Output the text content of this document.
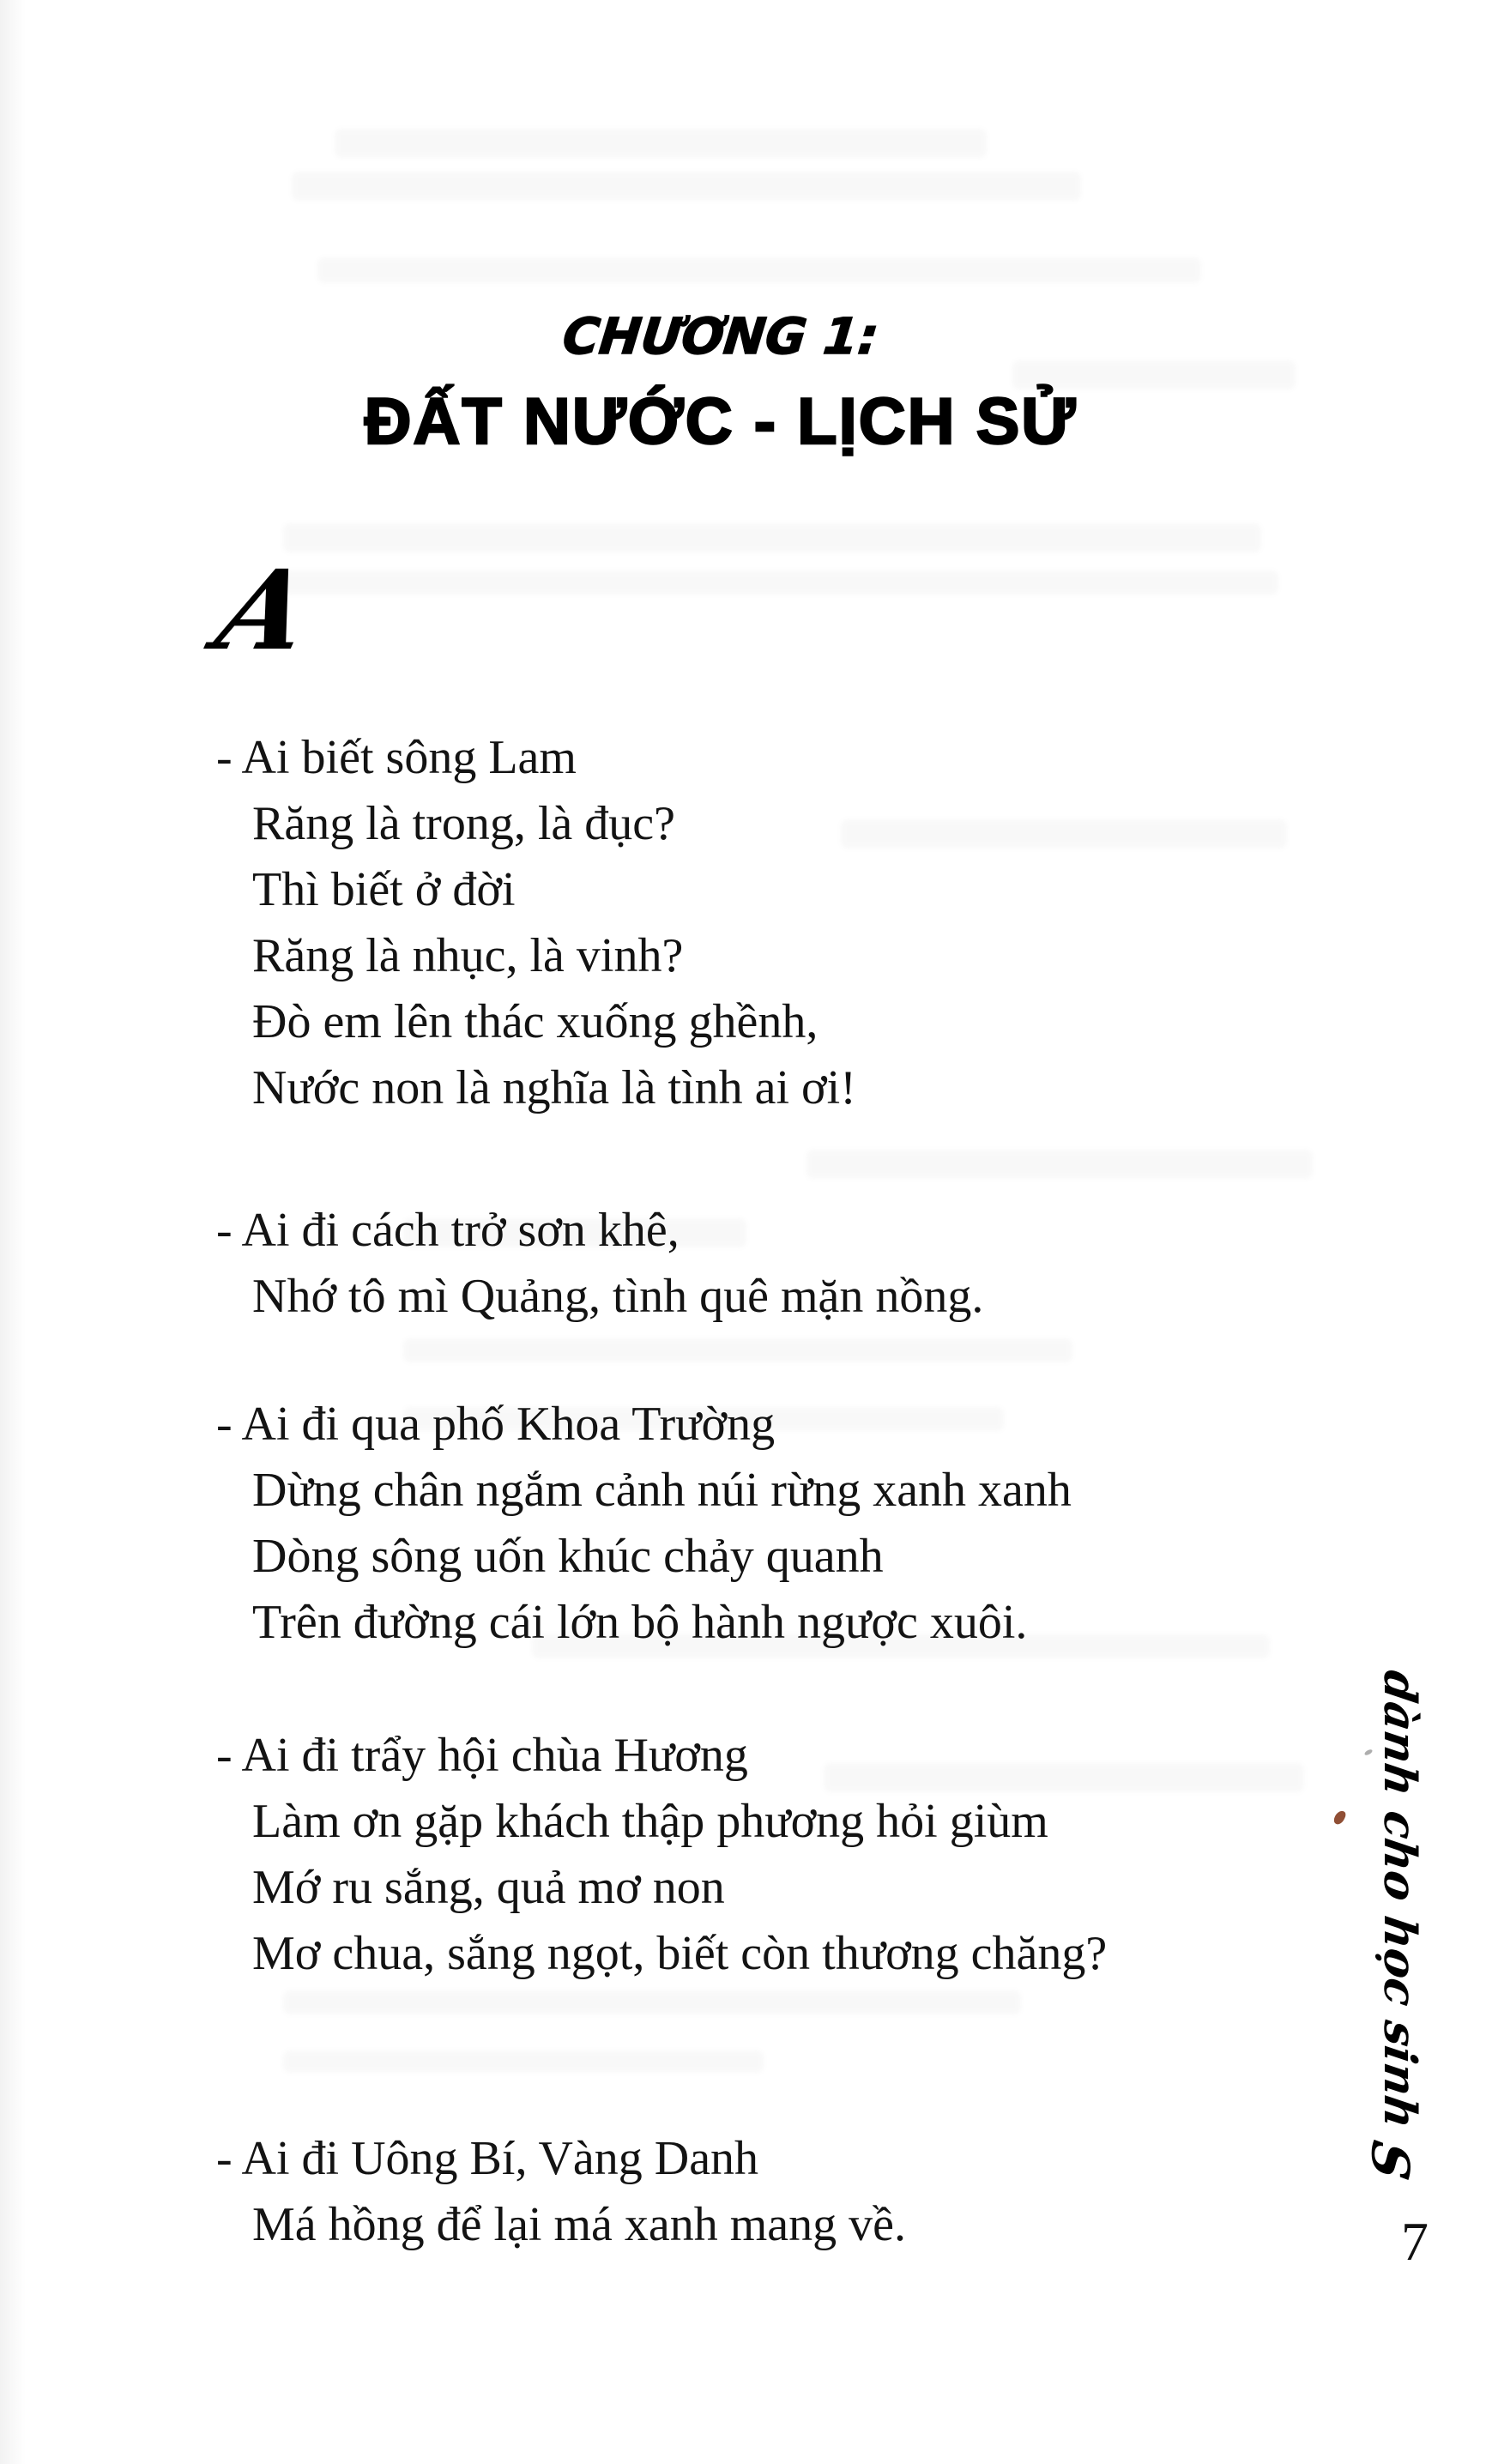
CHƯƠNG 1:
ĐẤT NƯỚC - LỊCH SỬ
A
- Ai biết sông Lam
Răng là trong, là đục?
Thì biết ở đời
Răng là nhục, là vinh?
Đò em lên thác xuống ghềnh,
Nước non là nghĩa là tình ai ơi!
- Ai đi cách trở sơn khê,
Nhớ tô mì Quảng, tình quê mặn nồng.
- Ai đi qua phố Khoa Trường
Dừng chân ngắm cảnh núi rừng xanh xanh
Dòng sông uốn khúc chảy quanh
Trên đường cái lớn bộ hành ngược xuôi.
- Ai đi trẩy hội chùa Hương
Làm ơn gặp khách thập phương hỏi giùm
Mớ ru sắng, quả mơ non
Mơ chua, sắng ngọt, biết còn thương chăng?
- Ai đi Uông Bí, Vàng Danh
Má hồng để lại má xanh mang về.
dành cho học sinh
S
7
